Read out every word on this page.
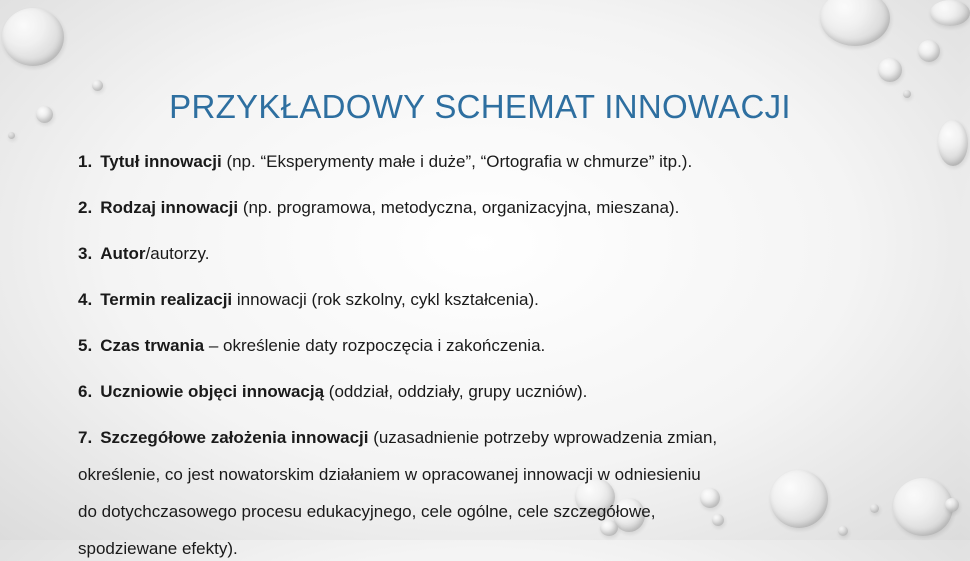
PRZYKŁADOWY SCHEMAT INNOWACJI
1. Tytuł innowacji (np. “Eksperymenty małe i duże”, “Ortografia w chmurze” itp.).
2. Rodzaj innowacji (np. programowa, metodyczna, organizacyjna, mieszana).
3. Autor/autorzy.
4. Termin realizacji innowacji (rok szkolny, cykl kształcenia).
5. Czas trwania – określenie daty rozpoczęcia i zakończenia.
6. Uczniowie objęci innowacją (oddział, oddziały, grupy uczniów).
7. Szczegółowe założenia innowacji (uzasadnienie potrzeby wprowadzenia zmian,
określenie, co jest nowatorskim działaniem w opracowanej innowacji w odniesieniu
do dotychczasowego procesu edukacyjnego, cele ogólne, cele szczegółowe,
spodziewane efekty).
